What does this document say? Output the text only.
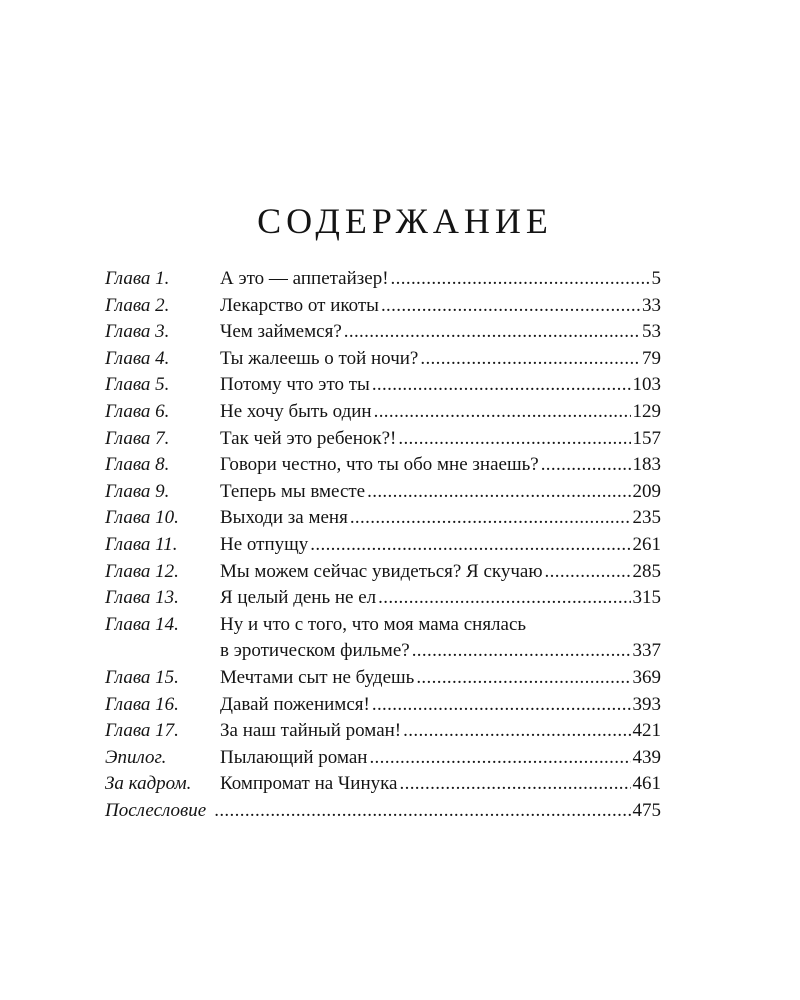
СОДЕРЖАНИЕ
Глава 1.	А это — аппетайзер! . . .	5
Глава 2.	Лекарство от икоты . . .	33
Глава 3.	Чем займемся? . . .	53
Глава 4.	Ты жалеешь о той ночи? . . .	79
Глава 5.	Потому что это ты . . .	103
Глава 6.	Не хочу быть один . . .	129
Глава 7.	Так чей это ребенок?! . . .	157
Глава 8.	Говори честно, что ты обо мне знаешь? . . .	183
Глава 9.	Теперь мы вместе . . .	209
Глава 10.	Выходи за меня . . .	235
Глава 11.	Не отпущу . . .	261
Глава 12.	Мы можем сейчас увидеться? Я скучаю . . .	285
Глава 13.	Я целый день не ел . . .	315
Глава 14.	Ну и что с того, что моя мама снялась
в эротическом фильме? . . .	337
Глава 15.	Мечтами сыт не будешь . . .	369
Глава 16.	Давай поженимся! . . .	393
Глава 17.	За наш тайный роман! . . .	421
Эпилог.	Пылающий роман . . .	439
За кадром.	Компромат на Чинука . . .	461
Послесловие . . .	475
